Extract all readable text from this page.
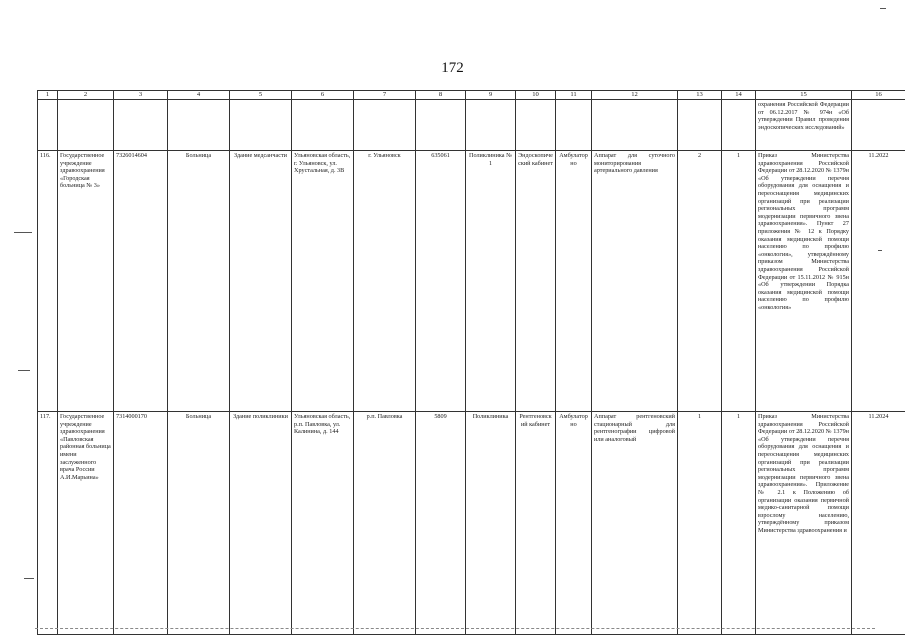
172
1	2	3	4	5	6	7	8	9	10	11	12	13	14	15	16
														охранения Российской Федерации от 06.12.2017 № 974н «Об утверждении Правил проведения эндоскопических исследований»	
116.	Государственное учреждение здравоохранения «Городская больница № 3»	7326014604	Больница	Здание медсанчасти	Ульяновская область, г. Ульяновск, ул. Хрустальная, д. 3В	г. Ульяновск	635061	Поликлиника № 1	Эндоскопический кабинет	Амбулаторно	Аппарат для суточного мониторирования артериального давления	2	1	Приказ Министерства здравоохранения Российской Федерации от 28.12.2020 № 1379н «Об утверждении перечня оборудования для оснащения и переоснащения медицинских организаций при реализации региональных программ модернизации первичного звена здравоохранения». Пункт 27 приложения № 12 к Порядку оказания медицинской помощи населению по профилю «онкология», утверждённому приказом Министерства здравоохранения Российской Федерации от 15.11.2012 № 915н «Об утверждении Порядка оказания медицинской помощи населению по профилю «онкология»	11.2022
117.	Государственное учреждение здравоохранения «Павловская районная больница имени заслуженного врача России А.И.Марьина»	7314000170	Больница	Здание поликлиники	Ульяновская область, р.п. Павловка, ул. Калинина, д. 144	р.п. Павловка	5809	Поликлиника	Рентгеновский кабинет	Амбулаторно	Аппарат рентгеновский стационарный для рентгенографии цифровой или аналоговый	1	1	Приказ Министерства здравоохранения Российской Федерации от 28.12.2020 № 1379н «Об утверждении перечня оборудования для оснащения и переоснащения медицинских организаций при реализации региональных программ модернизации первичного звена здравоохранения». Приложение № 2.1 к Положению об организации оказания первичной медико-санитарной помощи взрослому населению, утверждённому приказом Министерства здравоохранения и	11.2024
